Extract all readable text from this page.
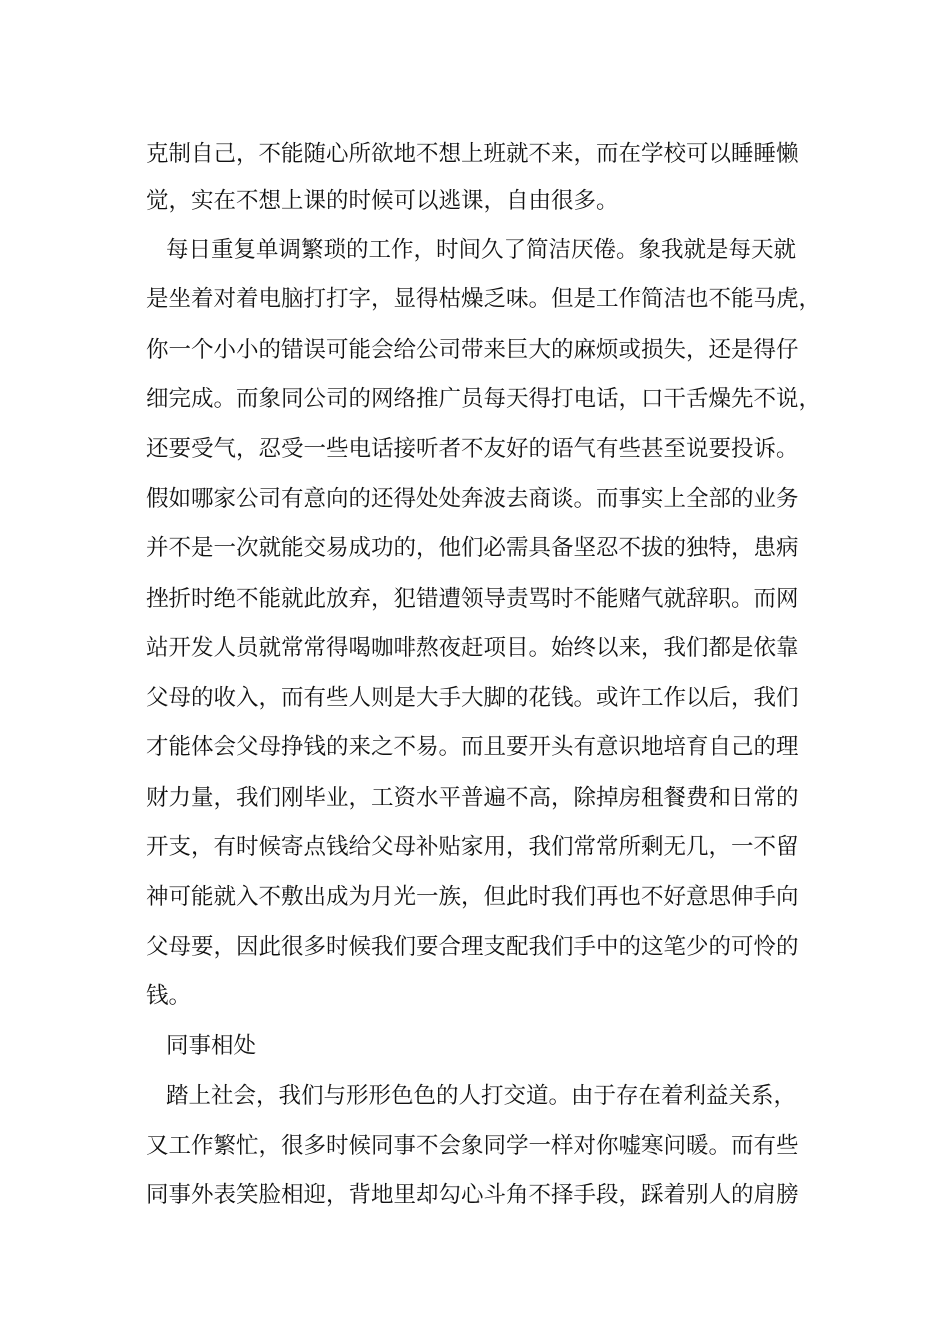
克制自己，不能随心所欲地不想上班就不来，而在学校可以睡睡懒
觉，实在不想上课的时候可以逃课，自由很多。
每日重复单调繁琐的工作，时间久了简洁厌倦。象我就是每天就
是坐着对着电脑打打字，显得枯燥乏味。但是工作简洁也不能马虎，
你一个小小的错误可能会给公司带来巨大的麻烦或损失，还是得仔
细完成。而象同公司的网络推广员每天得打电话，口干舌燥先不说，
还要受气，忍受一些电话接听者不友好的语气有些甚至说要投诉。
假如哪家公司有意向的还得处处奔波去商谈。而事实上全部的业务
并不是一次就能交易成功的，他们必需具备坚忍不拔的独特，患病
挫折时绝不能就此放弃，犯错遭领导责骂时不能赌气就辞职。而网
站开发人员就常常得喝咖啡熬夜赶项目。始终以来，我们都是依靠
父母的收入，而有些人则是大手大脚的花钱。或许工作以后，我们
才能体会父母挣钱的来之不易。而且要开头有意识地培育自己的理
财力量，我们刚毕业，工资水平普遍不高，除掉房租餐费和日常的
开支，有时候寄点钱给父母补贴家用，我们常常所剩无几，一不留
神可能就入不敷出成为月光一族，但此时我们再也不好意思伸手向
父母要，因此很多时候我们要合理支配我们手中的这笔少的可怜的
钱。
同事相处
踏上社会，我们与形形色色的人打交道。由于存在着利益关系，
又工作繁忙，很多时候同事不会象同学一样对你嘘寒问暖。而有些
同事外表笑脸相迎，背地里却勾心斗角不择手段，踩着别人的肩膀
